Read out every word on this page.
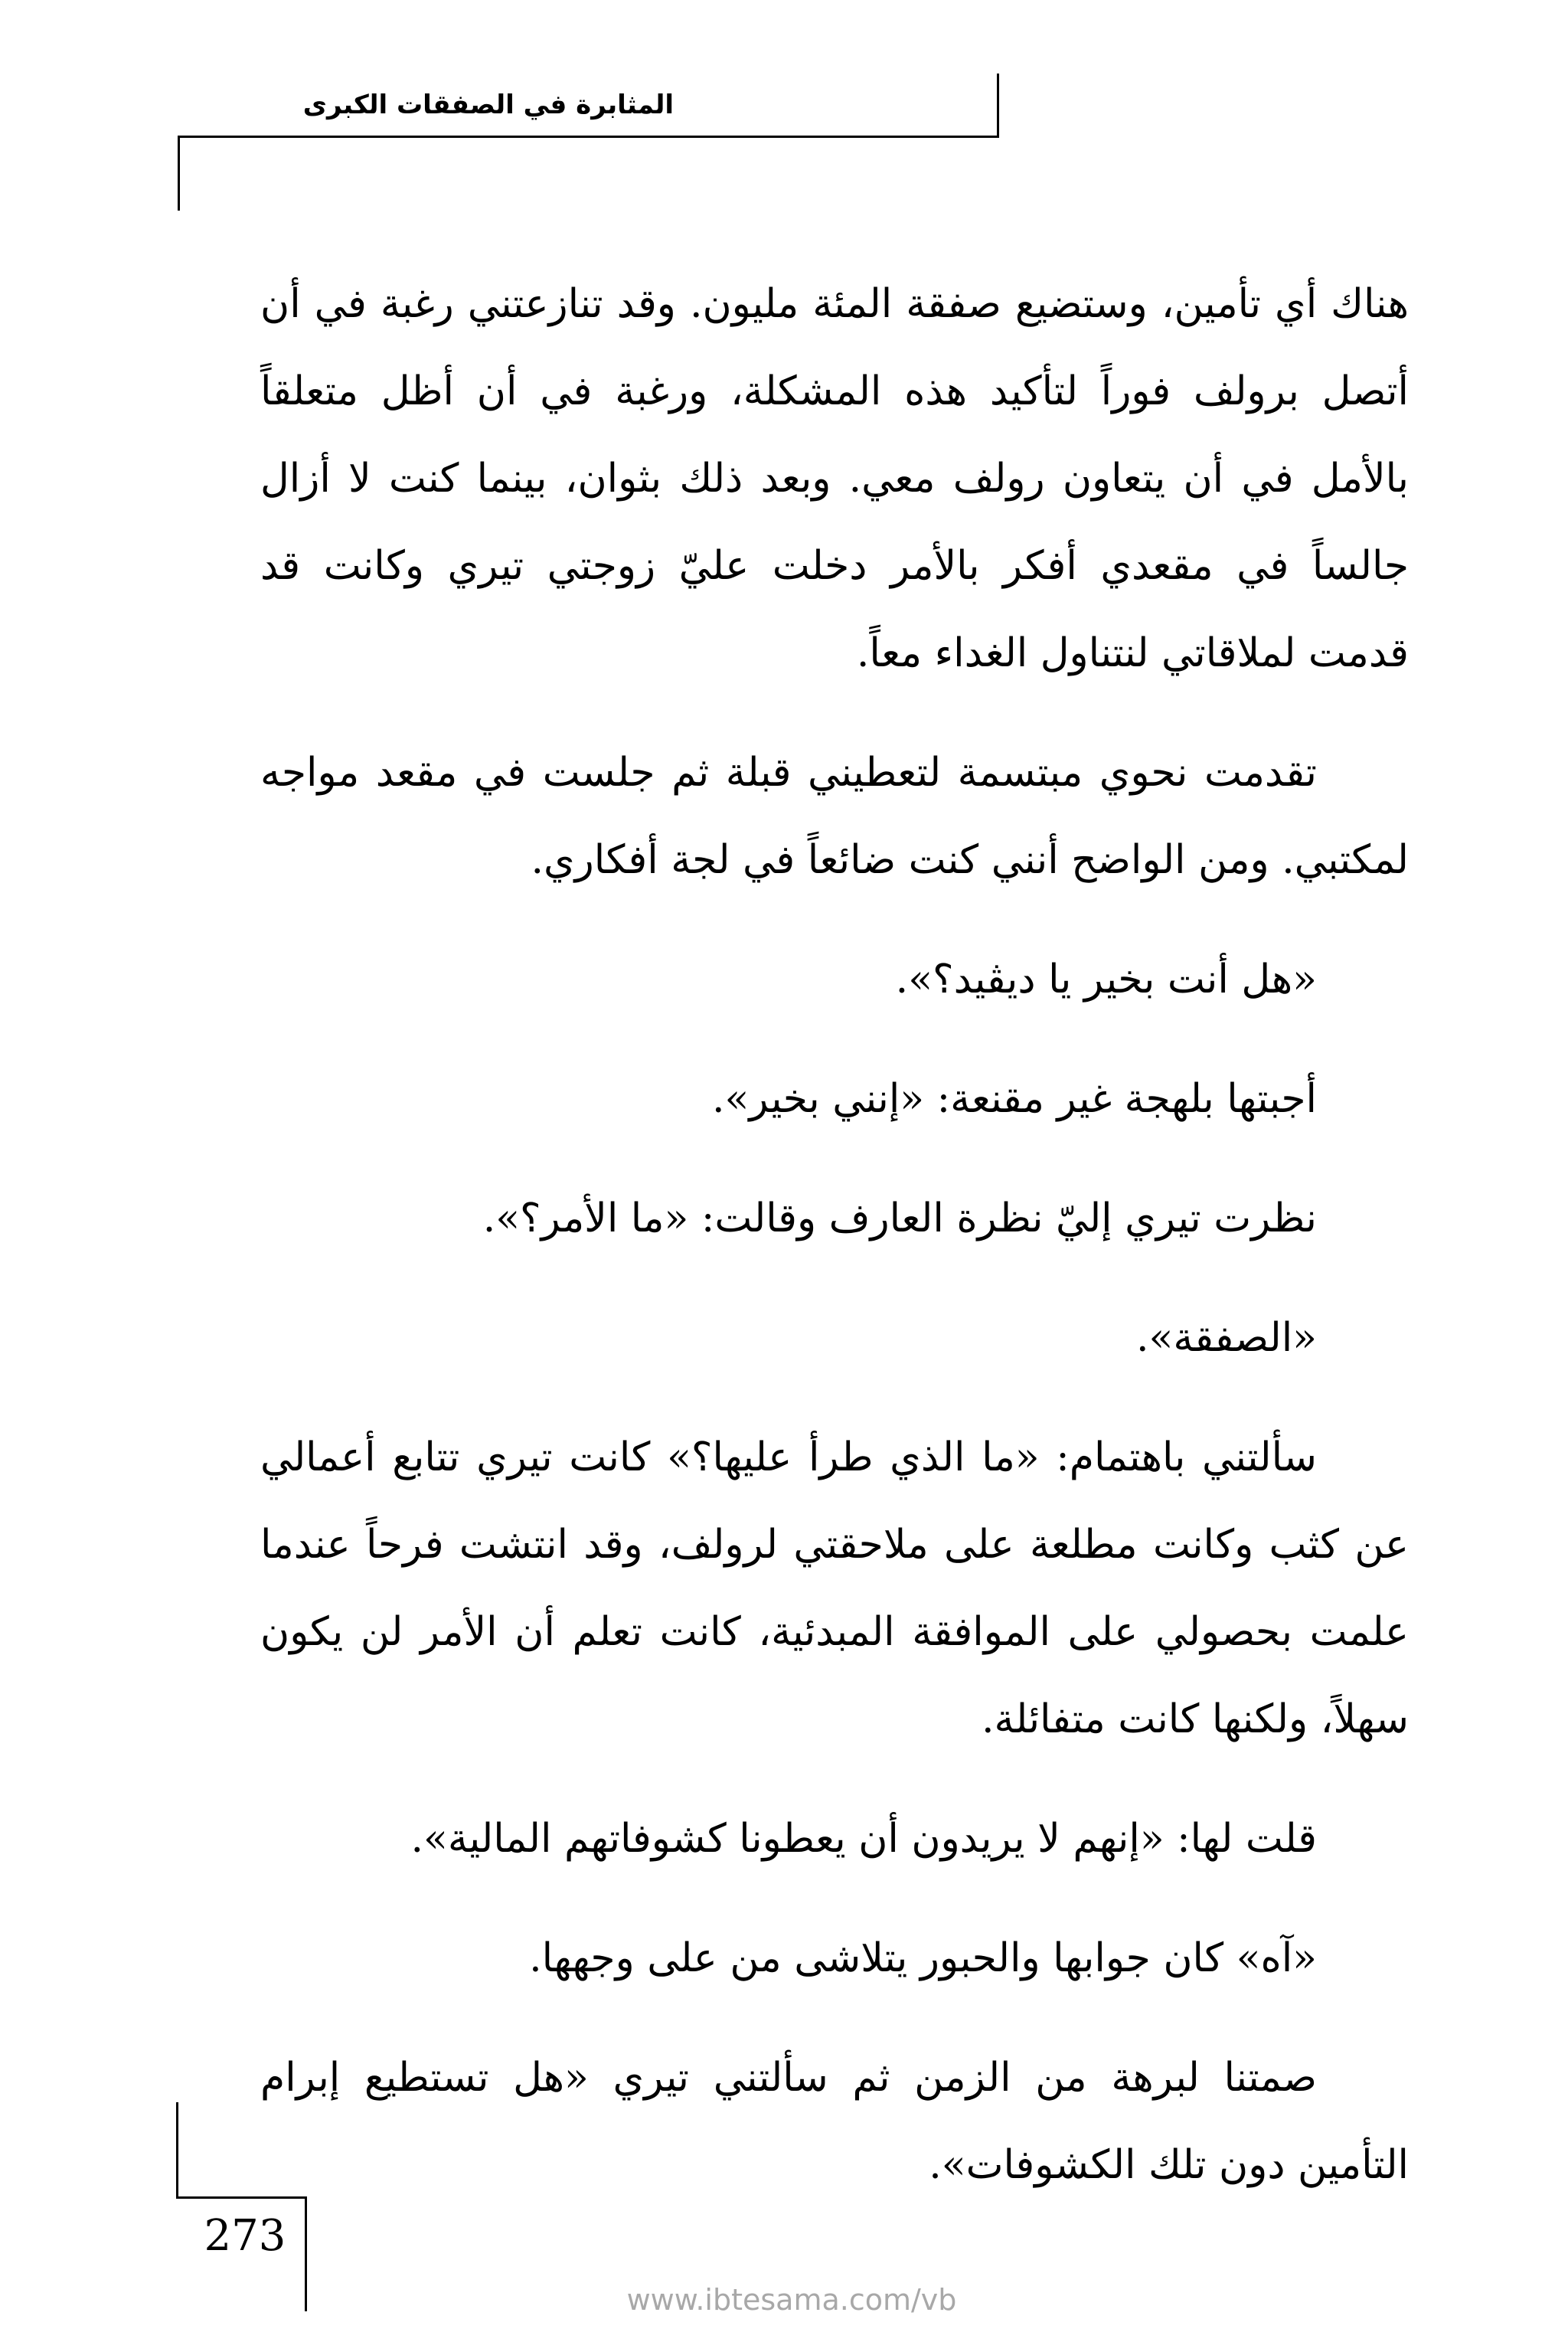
المثابرة في الصفقات الكبرى

هناك أي تأمين، وستضيع صفقة المئة مليون. وقد تنازعتني رغبة في أن أتصل برولف فوراً لتأكيد هذه المشكلة، ورغبة في أن أظل متعلقاً بالأمل في أن يتعاون رولف معي. وبعد ذلك بثوان، بينما كنت لا أزال جالساً في مقعدي أفكر بالأمر دخلت عليّ زوجتي تيري وكانت قد قدمت لملاقاتي لنتناول الغداء معاً.

تقدمت نحوي مبتسمة لتعطيني قبلة ثم جلست في مقعد مواجه لمكتبي. ومن الواضح أنني كنت ضائعاً في لجة أفكاري.

«هل أنت بخير يا ديڤيد؟».

أجبتها بلهجة غير مقنعة: «إنني بخير».

نظرت تيري إليّ نظرة العارف وقالت: «ما الأمر؟».

«الصفقة».

سألتني باهتمام: «ما الذي طرأ عليها؟» كانت تيري تتابع أعمالي عن كثب وكانت مطلعة على ملاحقتي لرولف، وقد انتشت فرحاً عندما علمت بحصولي على الموافقة المبدئية، كانت تعلم أن الأمر لن يكون سهلاً، ولكنها كانت متفائلة.

قلت لها: «إنهم لا يريدون أن يعطونا كشوفاتهم المالية».

«آه» كان جوابها والحبور يتلاشى من على وجهها.

صمتنا لبرهة من الزمن ثم سألتني تيري «هل تستطيع إبرام التأمين دون تلك الكشوفات».

273
www.ibtesama.com/vb
